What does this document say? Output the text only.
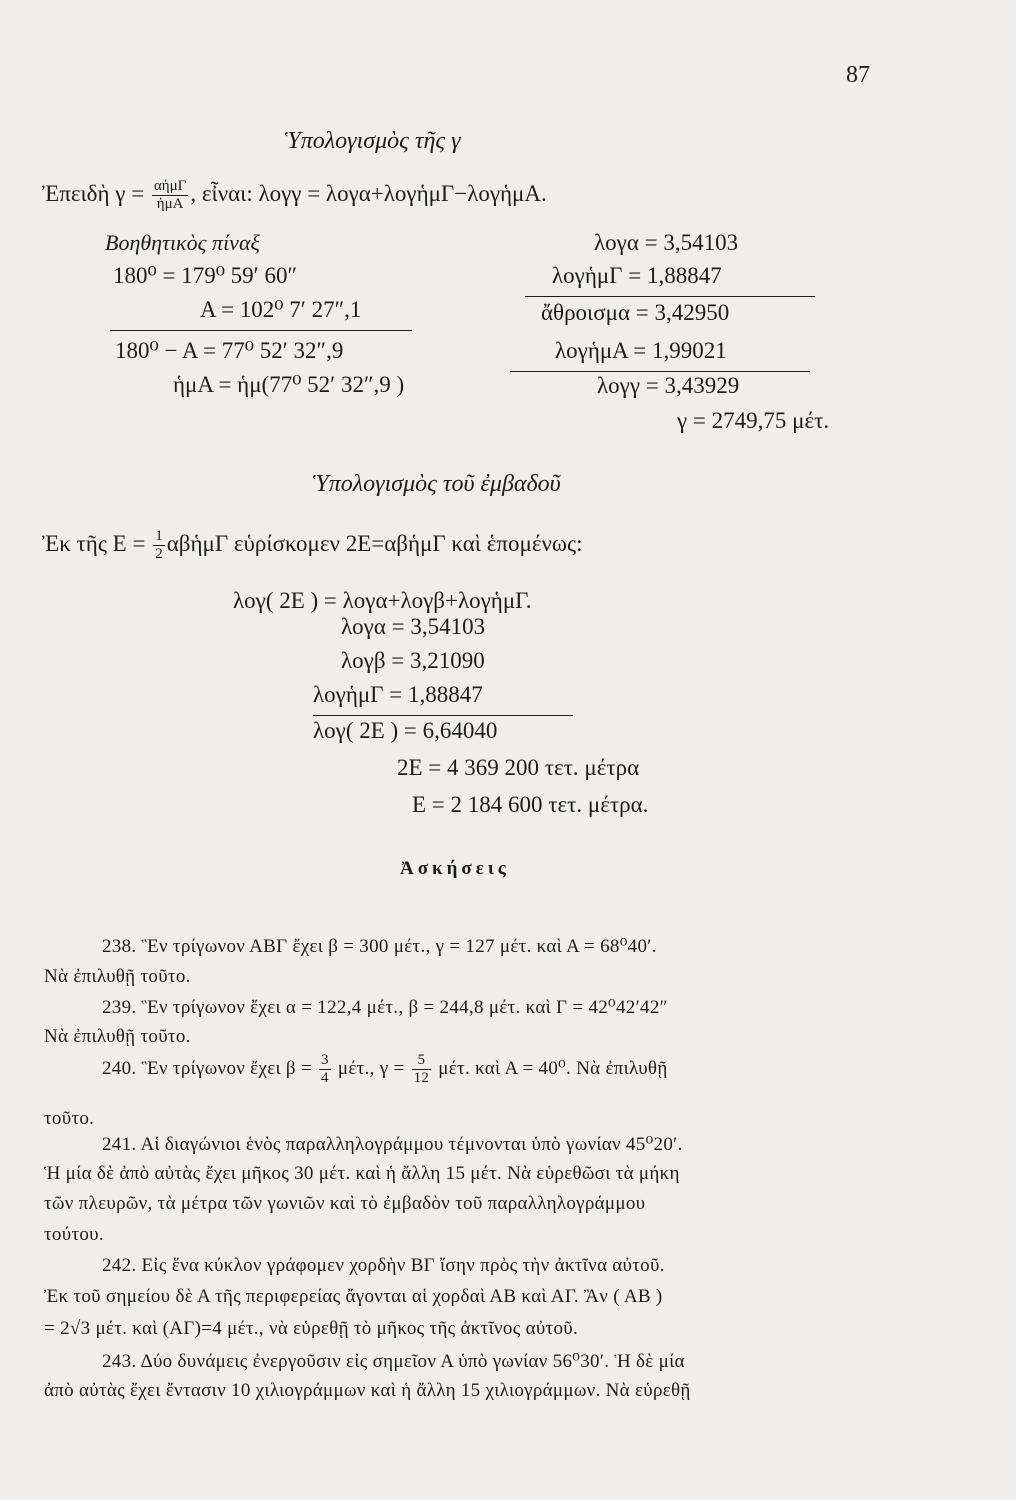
87
Ὑπολογισμὸς τῆς γ
Ἐπειδὴ $\gamma = \frac{\text{αἡμΓ}}{\text{ἡμΑ}}$ , εἶναι: λογγ = λογα+λογἡμΓ−λογἡμΑ.
Βοηθητικὸς πίναξ
180⁰ = 179⁰ 59′ 60″
A = 102⁰ 7′ 27″,1
180⁰ − A = 77⁰ 52′ 32″,9
ἡμA = ἡμ(77⁰ 52′ 32″,9 )
λογα = 3,54103
λογἡμΓ = 1,88847
ἄθροισμα = 3,42950
λογἡμA = 1,99021
λογγ = 3,43929
γ = 2749,75 μέτ.
Ὑπολογισμὸς τοῦ ἐμβαδοῦ
Ἐκ τῆς $E = \frac{1}{2}$ αβἡμΓ εὑρίσκομεν 2E=αβἡμΓ καὶ ἑπομένως:
λογ( 2E ) = λογα+λογβ+λογἡμΓ.
λογα = 3,54103
λογβ = 3,21090
λογἡμΓ = 1,88847
λογ( 2E ) = 6,64040
2E = 4 369 200 τετ. μέτρα
E = 2 184 600 τετ. μέτρα.
Ἀσκήσεις
238. Ἓν τρίγωνον ΑΒΓ ἔχει β = 300 μέτ., γ = 127 μέτ. καὶ Α = 68⁰40′.
Νὰ ἐπιλυθῇ τοῦτο.
239. Ἓν τρίγωνον ἔχει α = 122,4 μέτ., β = 244,8 μέτ. καὶ Γ = 42⁰42′42″
Νὰ ἐπιλυθῇ τοῦτο.
240. Ἓν τρίγωνον ἔχει $\beta = \frac{3}{4} \mu έ\tau$., $\gamma = \frac{5}{12} \mu έ\tau$. καὶ Α = 40⁰. Νὰ ἐπιλυθῇ
τοῦτο.
241. Αἱ διαγώνιοι ἑνὸς παραλληλογράμμου τέμνονται ὑπὸ γωνίαν 45⁰20′.
Ἡ μία δὲ ἀπὸ αὐτὰς ἔχει μῆκος 30 μέτ. καὶ ἡ ἄλλη 15 μέτ. Νὰ εὑρεθῶσι τὰ μήκη
τῶν πλευρῶν, τὰ μέτρα τῶν γωνιῶν καὶ τὸ ἐμβαδὸν τοῦ παραλληλογράμμου
τούτου.
242. Εἰς ἕνα κύκλον γράφομεν χορδὴν ΒΓ ἴσην πρὸς τὴν ἀκτῖνα αὐτοῦ.
Ἐκ τοῦ σημείου δὲ Α τῆς περιφερείας ἄγονται αἱ χορδαὶ ΑΒ καὶ ΑΓ. Ἂν ( ΑΒ )
= 2√3 μέτ. καὶ (ΑΓ)=4 μέτ., νὰ εὑρεθῇ τὸ μῆκος τῆς ἀκτῖνος αὐτοῦ.
243. Δύο δυνάμεις ἐνεργοῦσιν εἰς σημεῖον Α ὑπὸ γωνίαν 56⁰30′. Ἡ δὲ μία
ἀπὸ αὐτὰς ἔχει ἔντασιν 10 χιλιογράμμων καὶ ἡ ἄλλη 15 χιλιογράμμων. Νὰ εὑρεθῇ
